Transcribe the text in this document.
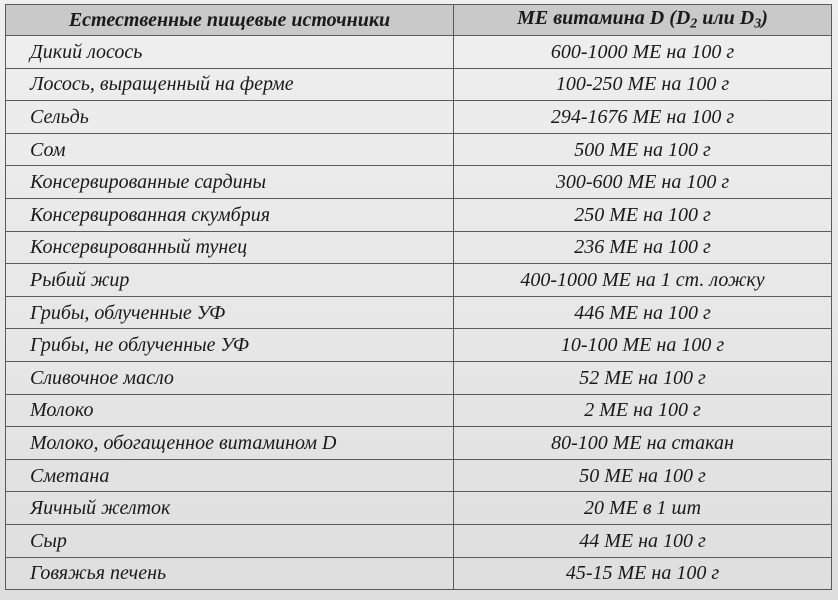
Естественные пищевые источники	МЕ витамина D ($D_2$ или $D_3$)
Дикий лосось	600-1000 МЕ на 100 г
Лосось, выращенный на ферме	100-250 МЕ на 100 г
Сельдь	294-1676 МЕ на 100 г
Сом	500 МЕ на 100 г
Консервированные сардины	300-600 МЕ на 100 г
Консервированная скумбрия	250 МЕ на 100 г
Консервированный тунец	236 МЕ на 100 г
Рыбий жир	400-1000 МЕ на 1 ст. ложку
Грибы, облученные УФ	446 МЕ на 100 г
Грибы, не облученные УФ	10-100 МЕ на 100 г
Сливочное масло	52 МЕ на 100 г
Молоко	2 МЕ на 100 г
Молоко, обогащенное витамином D	80-100 МЕ на стакан
Сметана	50 МЕ на 100 г
Яичный желток	20 МЕ в 1 шт
Сыр	44 МЕ на 100 г
Говяжья печень	45-15 МЕ на 100 г
